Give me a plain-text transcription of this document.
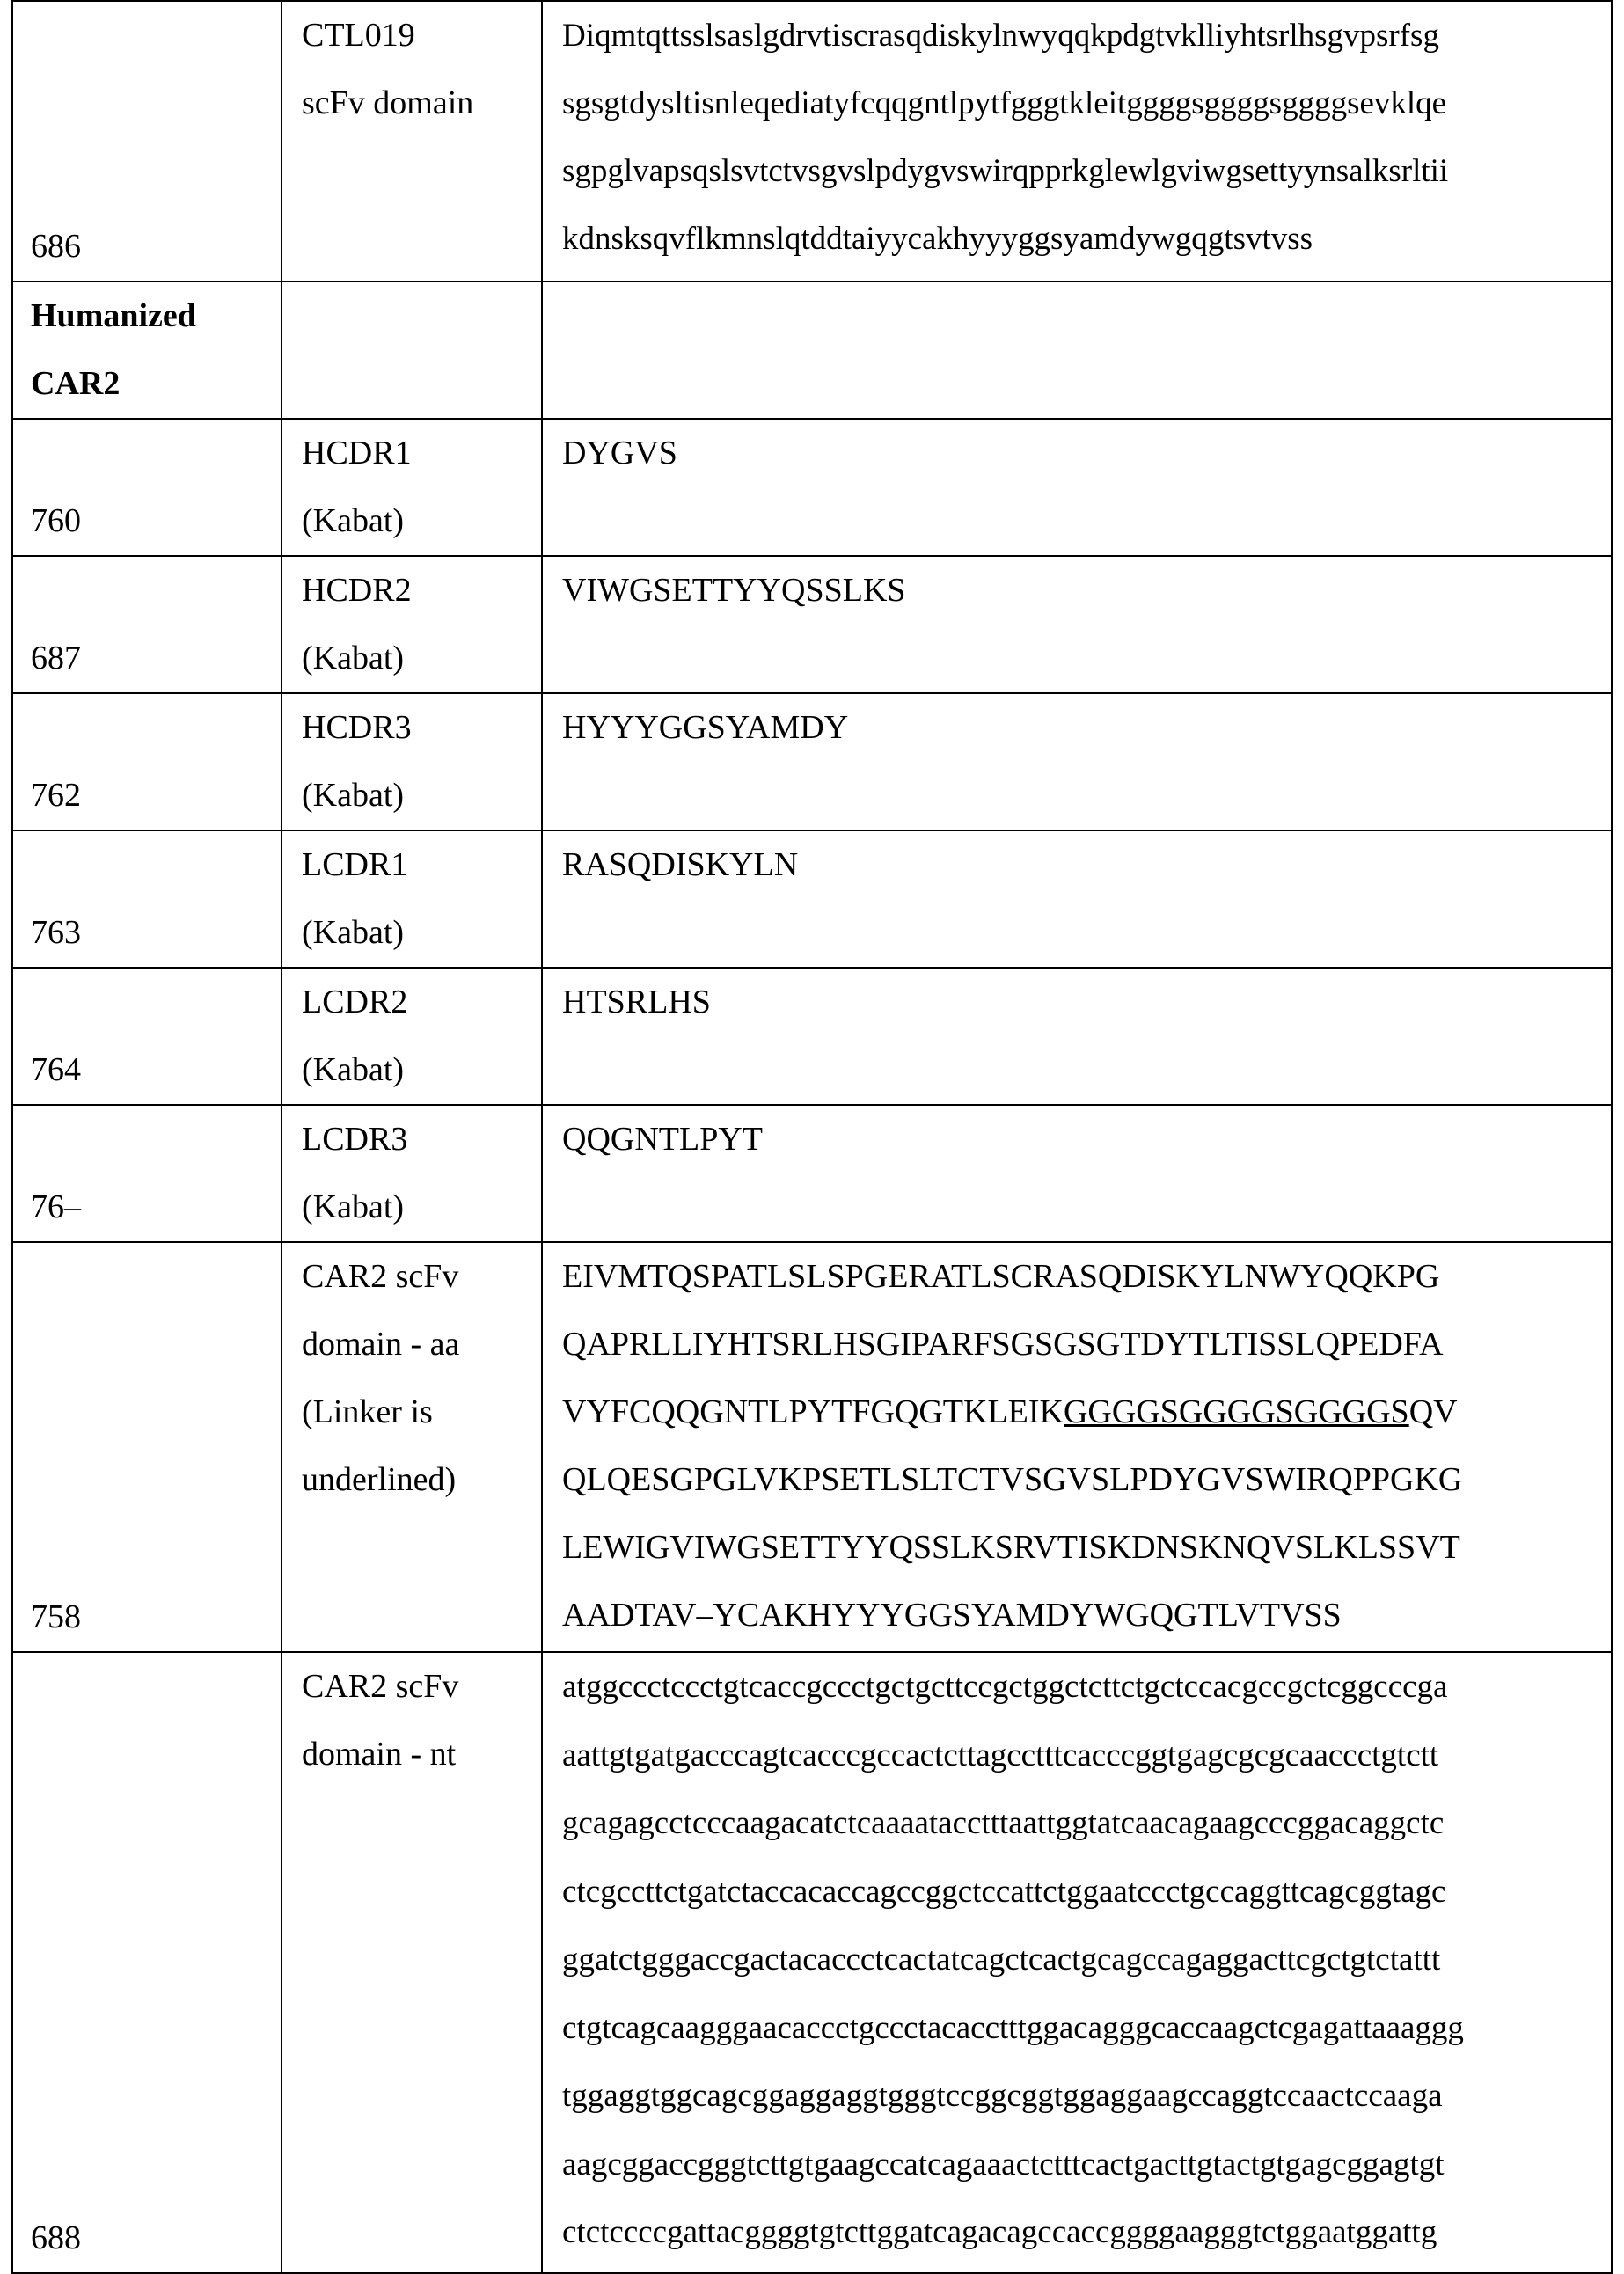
686

CTL019
scFv domain

Diqmtqttsslsaslgdrvtiscrasqdiskylnwyqqkpdgtvklliyhtsrlhsgvpsrfsg
sgsgtdysltisnleqediatyfcqqgntlpytfgggtkleitggggsggggsggggsevklqe
sgpglvapsqslsvtctvsgvslpdygvswirqpprkglewlgviwgsettyynsalksrltii
kdnsksqvflkmnslqtddtaiyycakhyyyggsyamdywgqgtsvtvss

Humanized
CAR2

760

HCDR1
(Kabat)

DYGVS

687

HCDR2
(Kabat)

VIWGSETTYYQSSLKS

762

HCDR3
(Kabat)

HYYYGGSYAMDY

763

LCDR1
(Kabat)

RASQDISKYLN

764

LCDR2
(Kabat)

HTSRLHS

76–

LCDR3
(Kabat)

QQGNTLPYT

758

CAR2 scFv
domain - aa
(Linker is
underlined)

EIVMTQSPATLSLSPGERATLSCRASQDISKYLNWYQQKPG
QAPRLLIYHTSRLHSGIPARFSGSGSGTDYTLTISSLQPEDFA
VYFCQQGNTLPYTFGQGTKLEIKGGGGSGGGGSGGGGSQV
QLQESGPGLVKPSETLSLTCTVSGVSLPDYGVSWIRQPPGKG
LEWIGVIWGSETTYYQSSLKSRVTISKDNSKNQVSLKLSSVT
AADTAV–YCAKHYYYGGSYAMDYWGQGTLVTVSS

688

CAR2 scFv
domain - nt

atggccctccctgtcaccgccctgctgcttccgctggctcttctgctccacgccgctcggcccga
aattgtgatgacccagtcacccgccactcttagcctttcacccggtgagcgcgcaaccctgtctt
gcagagcctcccaagacatctcaaaatacctttaattggtatcaacagaagcccggacaggctc
ctcgccttctgatctaccacaccagccggctccattctggaatccctgccaggttcagcggtagc
ggatctgggaccgactacaccctcactatcagctcactgcagccagaggacttcgctgtctattt
ctgtcagcaagggaacaccctgccctacacctttggacagggcaccaagctcgagattaaaggg
tggaggtggcagcggaggaggtgggtccggcggtggaggaagccaggtccaactccaaga
aagcggaccgggtcttgtgaagccatcagaaactctttcactgacttgtactgtgagcggagtgt
ctctccccgattacggggtgtcttggatcagacagccaccggggaagggtctggaatggattg
